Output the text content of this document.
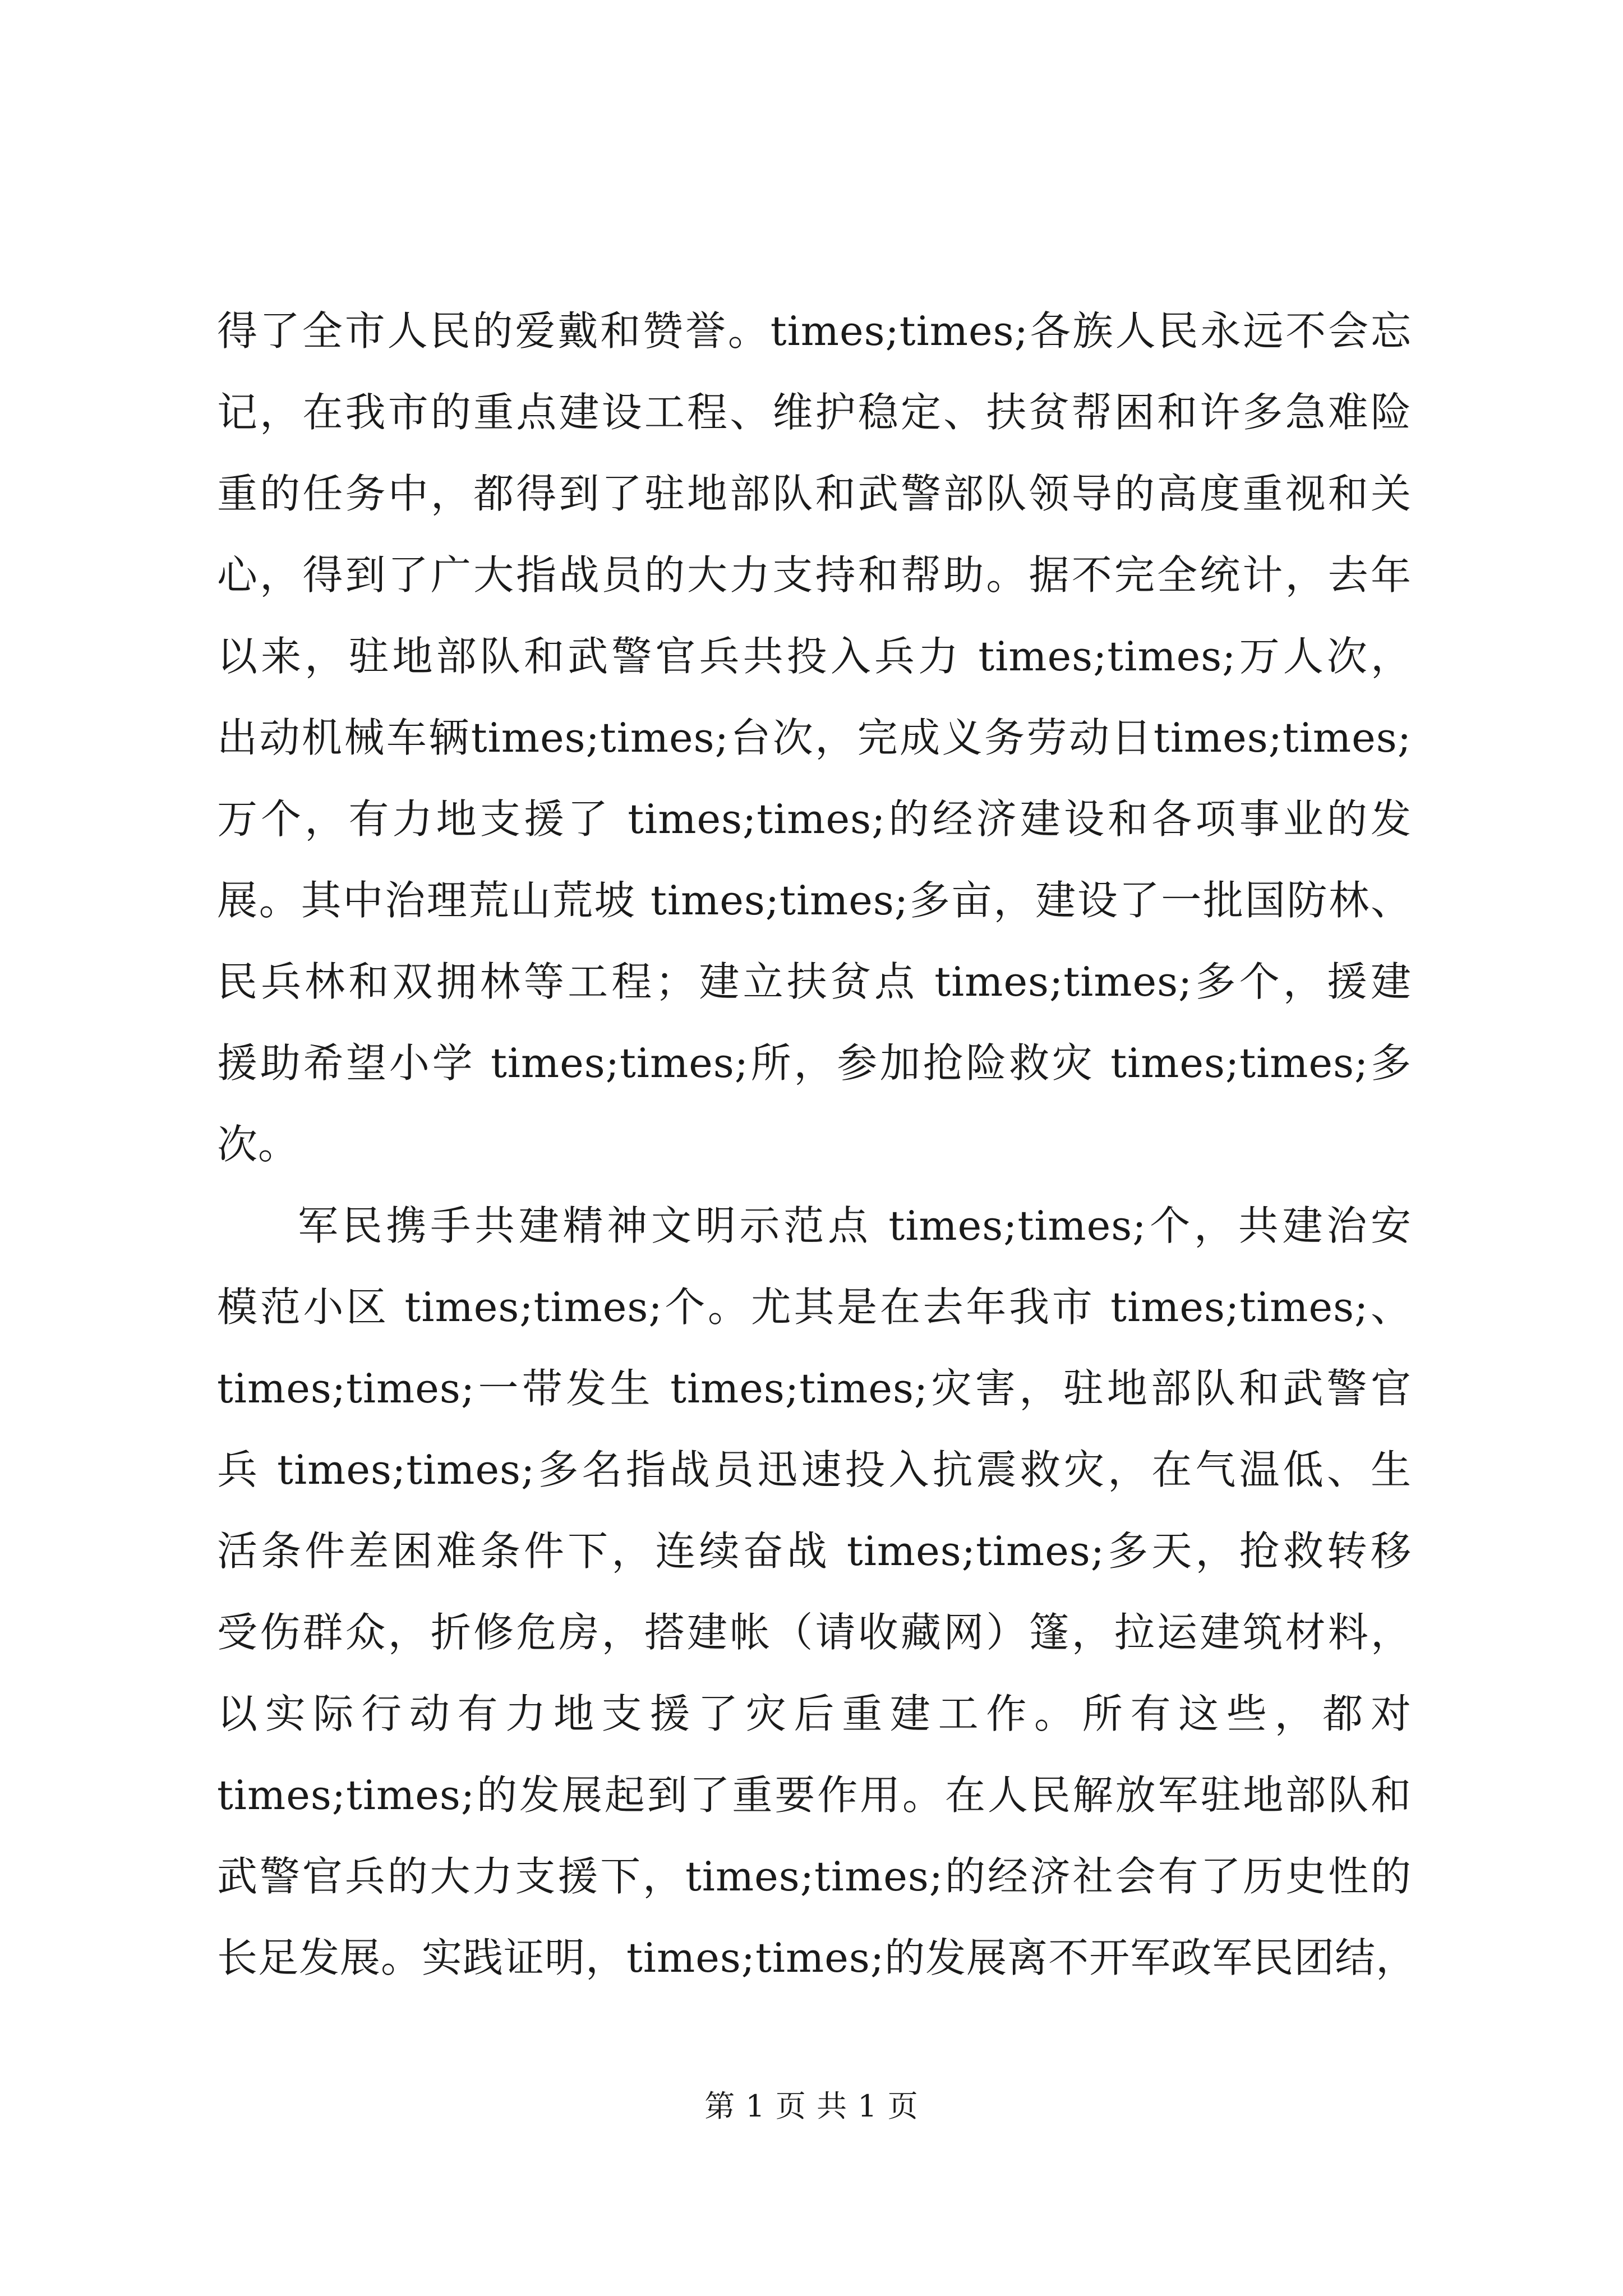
得了全市人民的爱戴和赞誉。times;times;各族人民永远不会忘
记，在我市的重点建设工程、维护稳定、扶贫帮困和许多急难险
重的任务中，都得到了驻地部队和武警部队领导的高度重视和关
心，得到了广大指战员的大力支持和帮助。据不完全统计，去年
以来，驻地部队和武警官兵共投入兵力 times;times;万人次，
出动机械车辆times;times;台次，完成义务劳动日times;times;
万个，有力地支援了 times;times;的经济建设和各项事业的发
展。其中治理荒山荒坡 times;times;多亩，建设了一批国防林、
民兵林和双拥林等工程；建立扶贫点 times;times;多个，援建
援助希望小学 times;times;所，参加抢险救灾 times;times;多
次。
军民携手共建精神文明示范点 times;times;个，共建治安
模范小区 times;times;个。尤其是在去年我市 times;times;、
times;times;一带发生 times;times;灾害，驻地部队和武警官
兵 times;times;多名指战员迅速投入抗震救灾，在气温低、生
活条件差困难条件下，连续奋战 times;times;多天，抢救转移
受伤群众，折修危房，搭建帐（请收藏网）篷，拉运建筑材料，
以实际行动有力地支援了灾后重建工作。所有这些，都对
times;times;的发展起到了重要作用。在人民解放军驻地部队和
武警官兵的大力支援下，times;times;的经济社会有了历史性的
长足发展。实践证明，times;times;的发展离不开军政军民团结，
第 1 页 共 1 页
